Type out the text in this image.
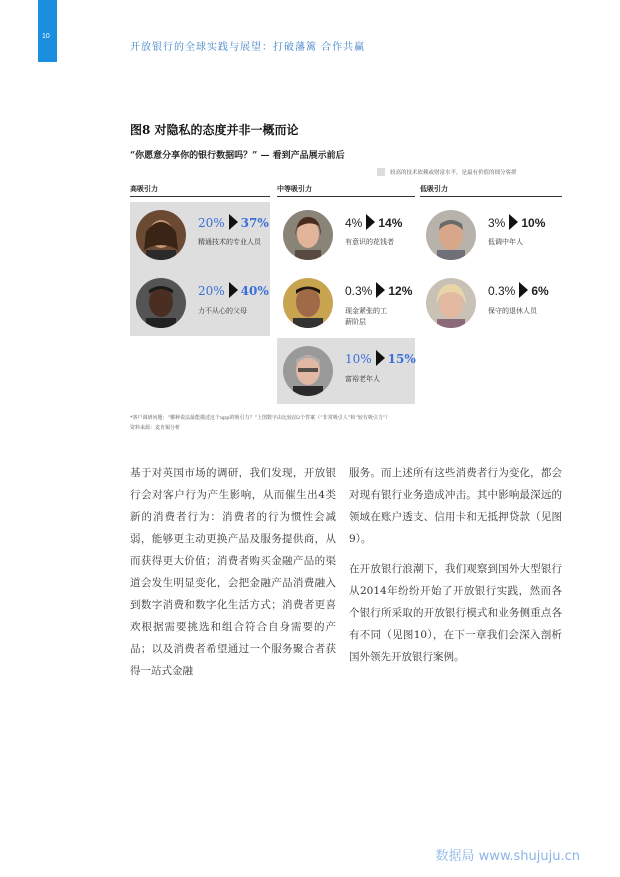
10
开放银行的全球实践与展望：打破藩篱 合作共赢
图8 对隐私的态度并非一概而论
“你愿意分享你的银行数据吗？” — 看到产品展示前后
较高的技术依赖或财富水平，是最有价值的细分客群
高吸引力	中等吸引力	低吸引力
20% 37%
精通技术的专业人员
4% 14%
有意识的花钱者
3% 10%
低调中年人
20% 40%
力不从心的父母
0.3% 12%
现金紧张的工薪阶层
0.3% 6%
保守的退休人员
10% 15%
富裕老年人
*客户调研问题：“哪种说法最能描述这个app的吸引力？”上图数字由比较前2个答案（“非常吸引人”和“较有吸引力”）
资料来源：麦肯锡分析

基于对英国市场的调研，我们发现，开放银行会对客户行为产生影响，从而催生出4类新的消费者行为：消费者的行为惯性会减弱，能够更主动更换产品及服务提供商，从而获得更大价值；消费者购买金融产品的渠道会发生明显变化，会把金融产品消费融入到数字消费和数字化生活方式；消费者更喜欢根据需要挑选和组合符合自身需要的产品；以及消费者希望通过一个服务聚合者获得一站式金融

服务。而上述所有这些消费者行为变化，都会对现有银行业务造成冲击。其中影响最深远的领域在账户透支、信用卡和无抵押贷款（见图9）。

在开放银行浪潮下，我们观察到国外大型银行从2014年纷纷开始了开放银行实践，然而各个银行所采取的开放银行模式和业务侧重点各有不同（见图10），在下一章我们会深入剖析国外领先开放银行案例。

数据局 www.shujuju.cn
